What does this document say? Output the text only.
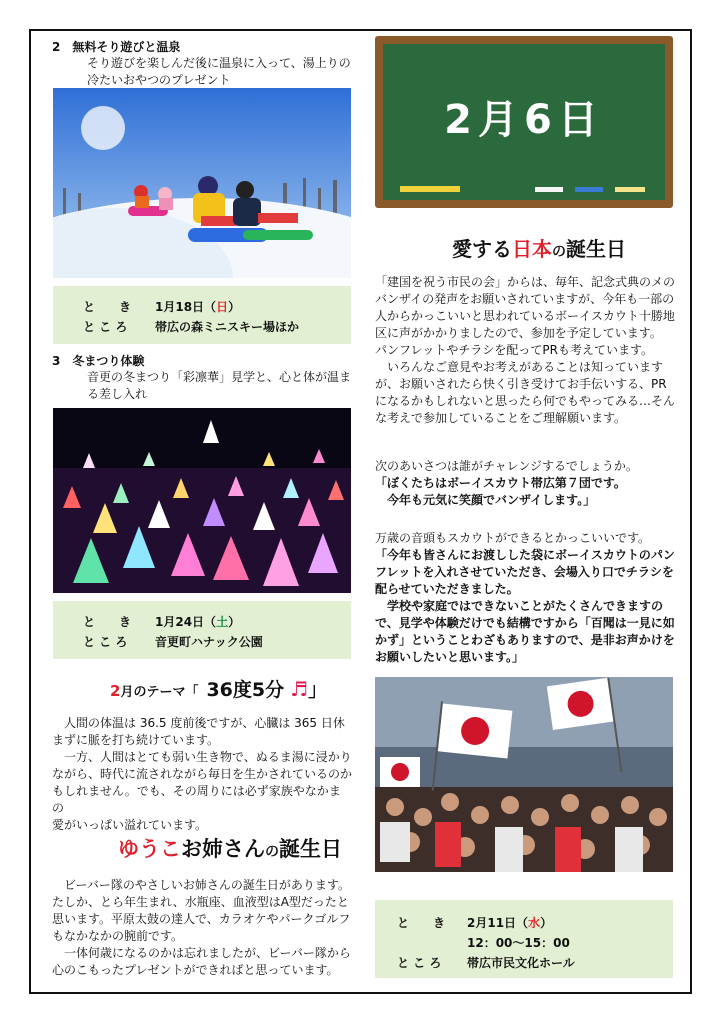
2　無料そり遊びと温泉
そり遊びを楽しんだ後に温泉に入って、湯上りの
冷たいおやつのプレゼント
と　　き 1月18日（日）
と こ ろ 帯広の森ミニスキー場ほか
3　冬まつり体験
音更の冬まつり「彩凛華」見学と、心と体が温ま
る差し入れ
と　　き 1月24日（土）
と こ ろ 音更町ハナック公園
2月のテーマ「 36度5分 ♬」
　人間の体温は 36.5 度前後ですが、心臓は 365 日休
まずに脈を打ち続けています。
　一方、人間はとても弱い生き物で、ぬるま湯に浸かり
ながら、時代に流されながら毎日を生かされているのか
もしれません。でも、その周りには必ず家族やなかまの
愛がいっぱい溢れています。
ゆうこお姉さんの誕生日
　ビーバー隊のやさしいお姉さんの誕生日があります。
たしか、とら年生まれ、水瓶座、血液型はA型だったと
思います。平原太鼓の達人で、カラオケやパークゴルフ
もなかなかの腕前です。
　一体何歳になるのかは忘れましたが、ビーバー隊から
心のこもったプレゼントができればと思っています。
2月6日
愛する日本の誕生日
「建国を祝う市民の会」からは、毎年、記念式典のメの
バンザイの発声をお願いされていますが、今年も一部の
人からかっこいいと思われているボーイスカウト十勝地
区に声がかかりましたので、参加を予定しています。
パンフレットやチラシを配ってPRも考えています。
　いろんなご意見やお考えがあることは知っています
が、お願いされたら快く引き受けてお手伝いする、PR
になるかもしれないと思ったら何でもやってみる…そん
な考えで参加していることをご理解願います。
次のあいさつは誰がチャレンジするでしょうか。
「ぼくたちはボーイスカウト帯広第７団です。
　今年も元気に笑顔でバンザイします。」
万歳の音頭もスカウトができるとかっこいいです。
「今年も皆さんにお渡しした袋にボーイスカウトのパン
フレットを入れさせていただき、会場入り口でチラシを
配らせていただきました。
　学校や家庭ではできないことがたくさんできますの
で、見学や体験だけでも結構ですから「百聞は一見に如
かず」ということわざもありますので、是非お声かけを
お願いしたいと思います。」
と　　き 2月11日（水）
12：00～15：00
と こ ろ 帯広市民文化ホール
